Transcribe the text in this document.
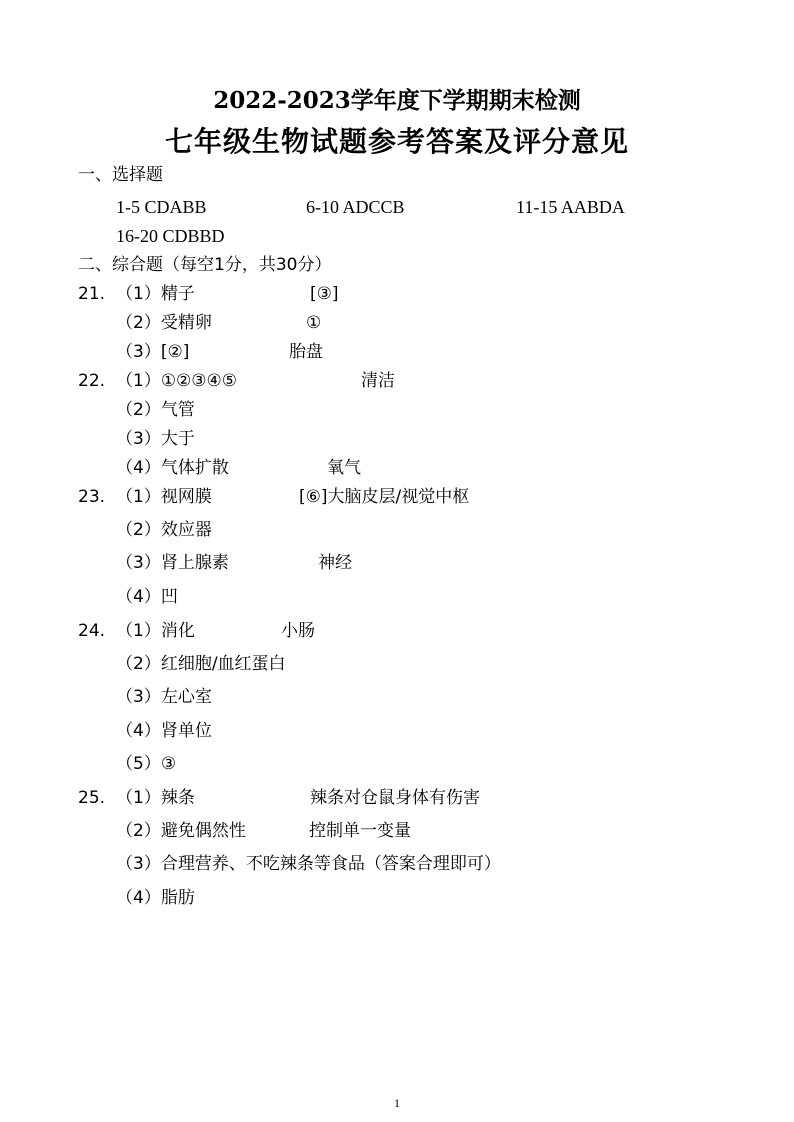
2022-2023学年度下学期期末检测
七年级生物试题参考答案及评分意见
一、选择题
1-5 CDABB	6-10 ADCCB	11-15 AABDA
16-20 CDBBD
二、综合题（每空1分，共30分）
21. （1）精子	[③]
（2）受精卵	①
（3）[②]	胎盘
22. （1）①②③④⑤	清洁
（2）气管
（3）大于
（4）气体扩散	氧气
23. （1）视网膜	[⑥]大脑皮层/视觉中枢
（2）效应器
（3）肾上腺素	神经
（4）凹
24. （1）消化	小肠
（2）红细胞/血红蛋白
（3）左心室
（4）肾单位
（5）③
25. （1）辣条	辣条对仓鼠身体有伤害
（2）避免偶然性	控制单一变量
（3）合理营养、不吃辣条等食品（答案合理即可）
（4）脂肪
1
